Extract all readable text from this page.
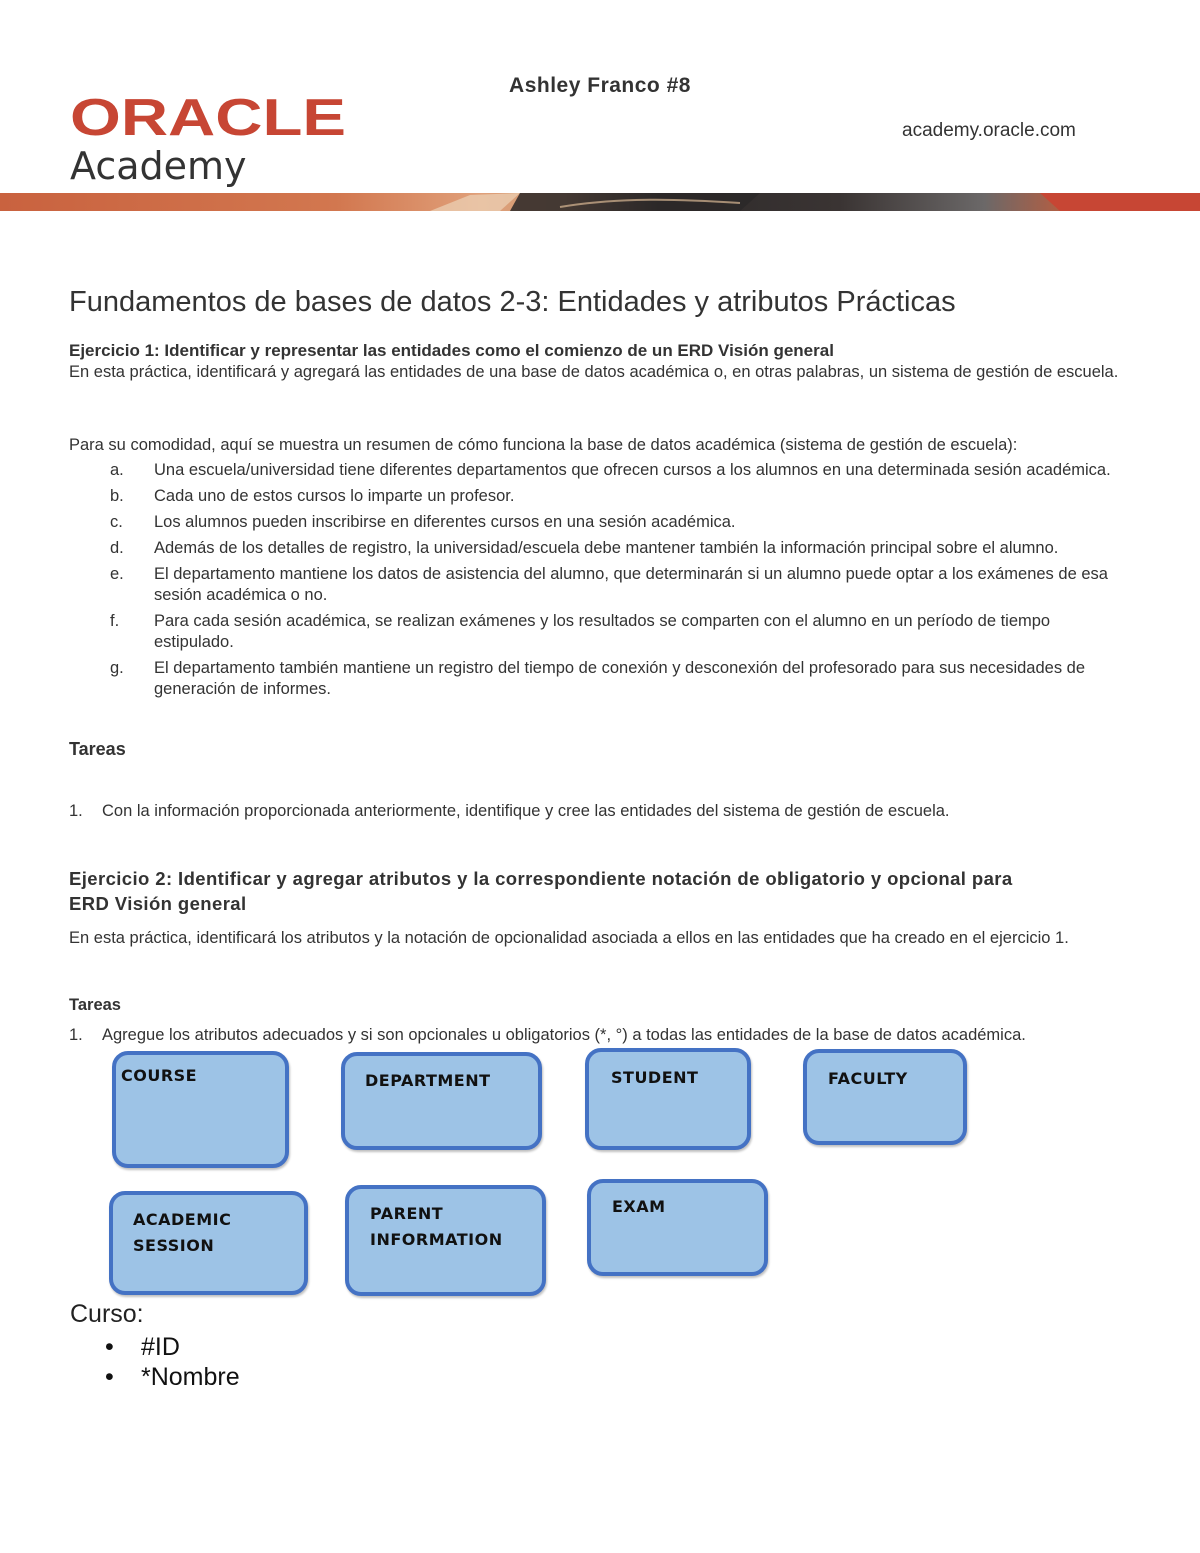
ORACLE
Academy
Ashley Franco #8
academy.oracle.com
Fundamentos de bases de datos 2-3: Entidades y atributos Prácticas
Ejercicio 1: Identificar y representar las entidades como el comienzo de un ERD Visión general
En esta práctica, identificará y agregará las entidades de una base de datos académica o, en otras palabras, un sistema de gestión de escuela.
Para su comodidad, aquí se muestra un resumen de cómo funciona la base de datos académica (sistema de gestión de escuela):
a.	Una escuela/universidad tiene diferentes departamentos que ofrecen cursos a los alumnos en una determinada sesión académica.
b.	Cada uno de estos cursos lo imparte un profesor.
c.	Los alumnos pueden inscribirse en diferentes cursos en una sesión académica.
d.	Además de los detalles de registro, la universidad/escuela debe mantener también la información principal sobre el alumno.
e.	El departamento mantiene los datos de asistencia del alumno, que determinarán si un alumno puede optar a los exámenes de esa sesión académica o no.
f.	Para cada sesión académica, se realizan exámenes y los resultados se comparten con el alumno en un período de tiempo estipulado.
g.	El departamento también mantiene un registro del tiempo de conexión y desconexión del profesorado para sus necesidades de generación de informes.
Tareas
1. Con la información proporcionada anteriormente, identifique y cree las entidades del sistema de gestión de escuela.
Ejercicio 2: Identificar y agregar atributos y la correspondiente notación de obligatorio y opcional para
ERD Visión general
En esta práctica, identificará los atributos y la notación de opcionalidad asociada a ellos en las entidades que ha creado en el ejercicio 1.
Tareas
1. Agregue los atributos adecuados y si son opcionales u obligatorios (*, °) a todas las entidades de la base de datos académica.
COURSE	DEPARTMENT	STUDENT	FACULTY
ACADEMIC
SESSION
PARENT
INFORMATION
EXAM
Curso:
• #ID
• *Nombre
